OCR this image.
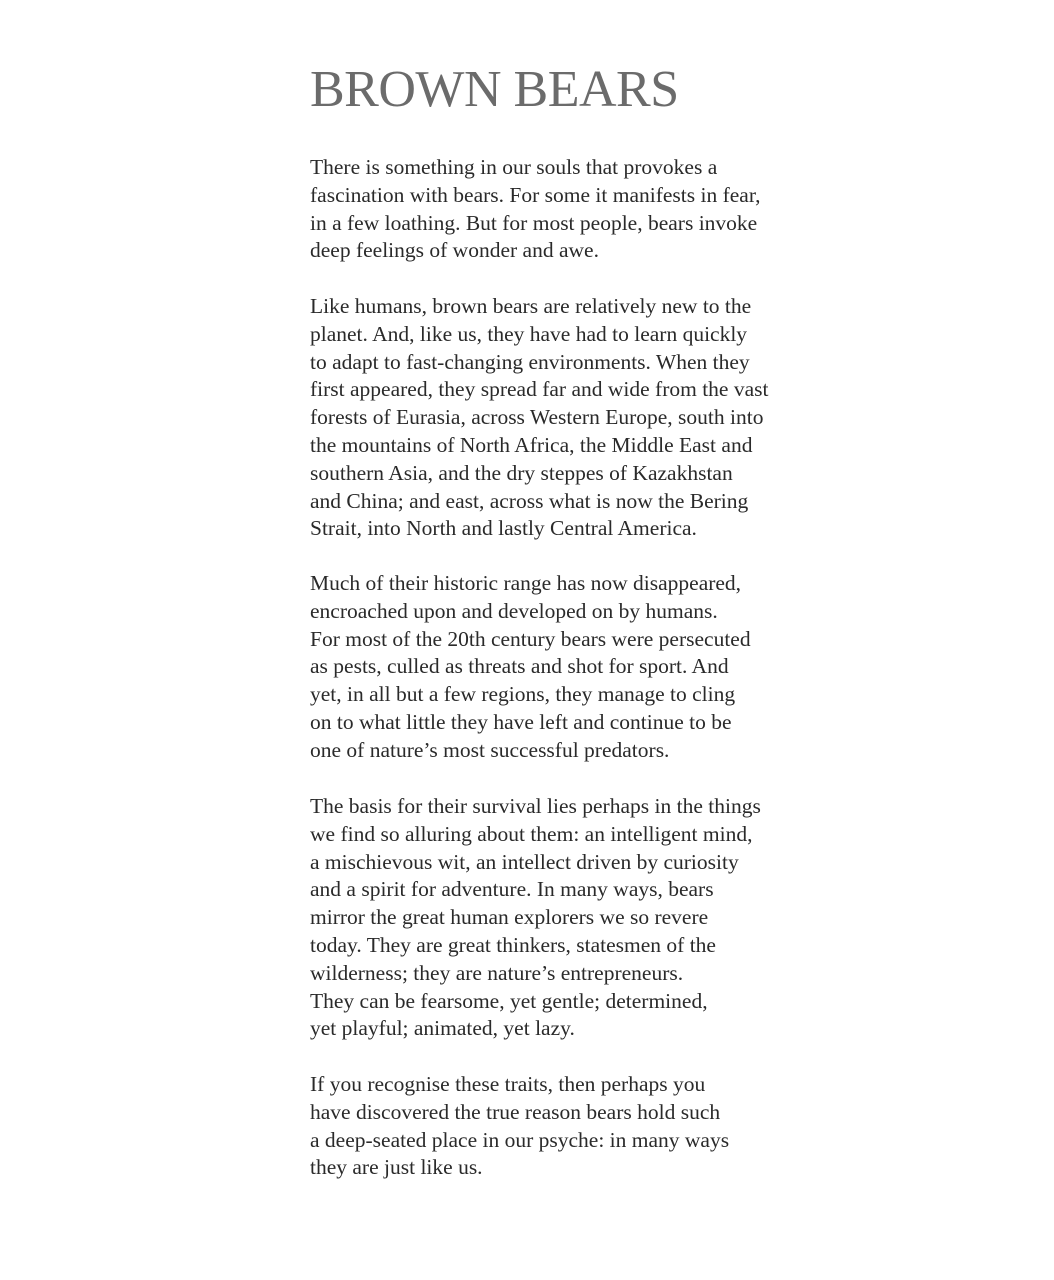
BROWN BEARS

There is something in our souls that provokes a
fascination with bears. For some it manifests in fear,
in a few loathing. But for most people, bears invoke
deep feelings of wonder and awe.

Like humans, brown bears are relatively new to the
planet. And, like us, they have had to learn quickly
to adapt to fast-changing environments. When they
first appeared, they spread far and wide from the vast
forests of Eurasia, across Western Europe, south into
the mountains of North Africa, the Middle East and
southern Asia, and the dry steppes of Kazakhstan
and China; and east, across what is now the Bering
Strait, into North and lastly Central America.

Much of their historic range has now disappeared,
encroached upon and developed on by humans.
For most of the 20th century bears were persecuted
as pests, culled as threats and shot for sport. And
yet, in all but a few regions, they manage to cling
on to what little they have left and continue to be
one of nature’s most successful predators.

The basis for their survival lies perhaps in the things
we find so alluring about them: an intelligent mind,
a mischievous wit, an intellect driven by curiosity
and a spirit for adventure. In many ways, bears
mirror the great human explorers we so revere
today. They are great thinkers, statesmen of the
wilderness; they are nature’s entrepreneurs.
They can be fearsome, yet gentle; determined,
yet playful; animated, yet lazy.

If you recognise these traits, then perhaps you
have discovered the true reason bears hold such
a deep-seated place in our psyche: in many ways
they are just like us.
